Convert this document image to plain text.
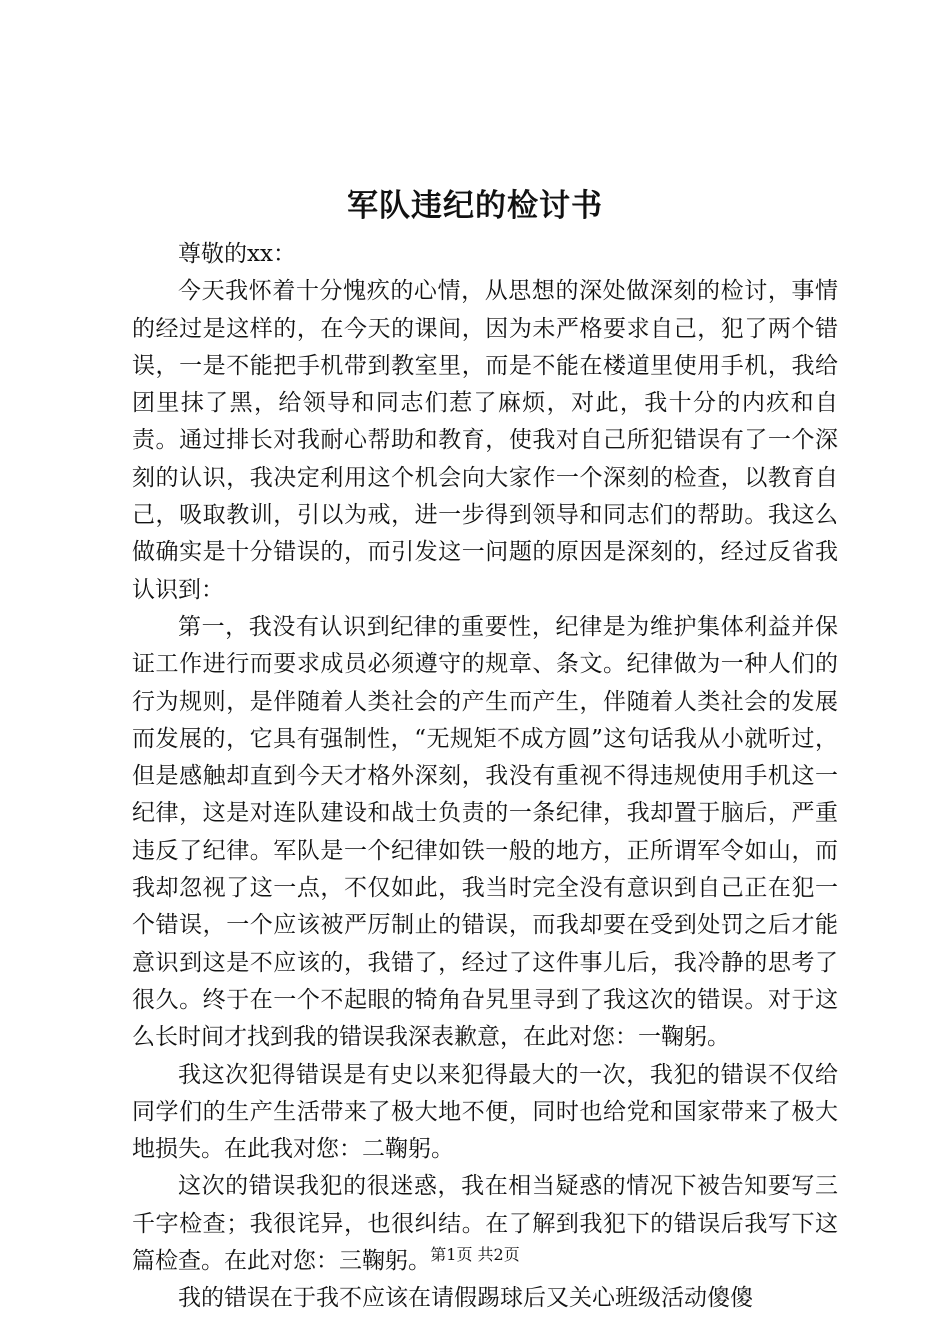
军队违纪的检讨书

尊敬的xx：

今天我怀着十分愧疚的心情，从思想的深处做深刻的检讨，事情的经过是这样的，在今天的课间，因为未严格要求自己，犯了两个错误，一是不能把手机带到教室里，而是不能在楼道里使用手机，我给团里抹了黑，给领导和同志们惹了麻烦，对此，我十分的内疚和自责。通过排长对我耐心帮助和教育，使我对自己所犯错误有了一个深刻的认识，我决定利用这个机会向大家作一个深刻的检查，以教育自己，吸取教训，引以为戒，进一步得到领导和同志们的帮助。我这么做确实是十分错误的，而引发这一问题的原因是深刻的，经过反省我认识到：

第一，我没有认识到纪律的重要性，纪律是为维护集体利益并保证工作进行而要求成员必须遵守的规章、条文。纪律做为一种人们的行为规则，是伴随着人类社会的产生而产生，伴随着人类社会的发展而发展的，它具有强制性，“无规矩不成方圆”这句话我从小就听过，但是感触却直到今天才格外深刻，我没有重视不得违规使用手机这一纪律，这是对连队建设和战士负责的一条纪律，我却置于脑后，严重违反了纪律。军队是一个纪律如铁一般的地方，正所谓军令如山，而我却忽视了这一点，不仅如此，我当时完全没有意识到自己正在犯一个错误，一个应该被严厉制止的错误，而我却要在受到处罚之后才能意识到这是不应该的，我错了，经过了这件事儿后，我冷静的思考了很久。终于在一个不起眼的犄角旮旯里寻到了我这次的错误。对于这么长时间才找到我的错误我深表歉意，在此对您：一鞠躬。

我这次犯得错误是有史以来犯得最大的一次，我犯的错误不仅给同学们的生产生活带来了极大地不便，同时也给党和国家带来了极大地损失。在此我对您：二鞠躬。

这次的错误我犯的很迷惑，我在相当疑惑的情况下被告知要写三千字检查；我很诧异，也很纠结。在了解到我犯下的错误后我写下这篇检查。在此对您：三鞠躬。

我的错误在于我不应该在请假踢球后又关心班级活动傻傻

第1页 共2页
